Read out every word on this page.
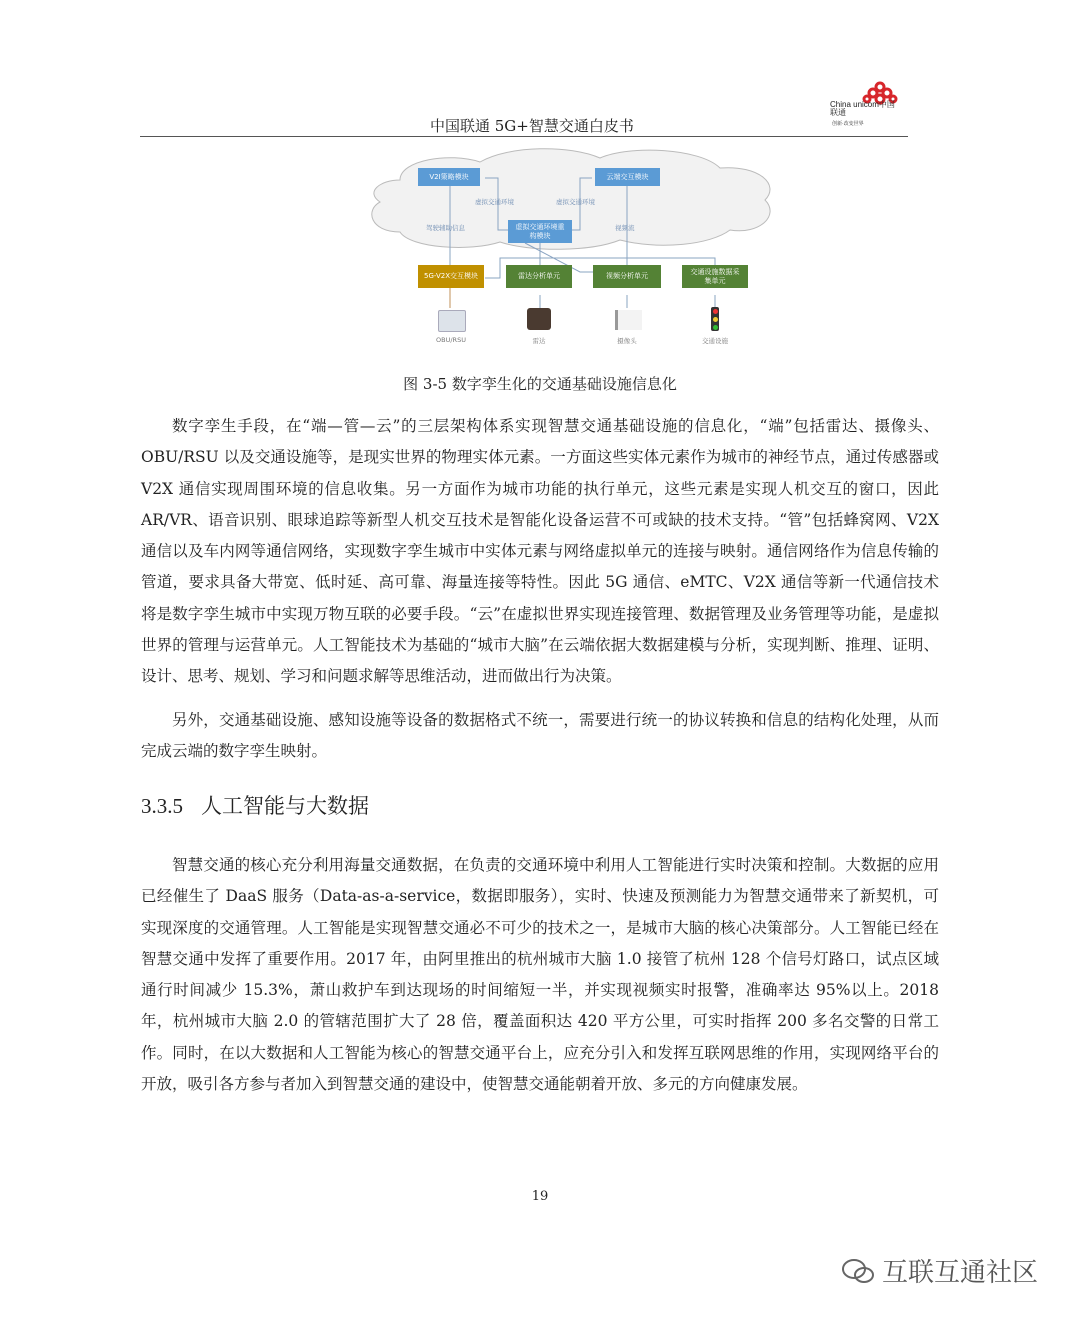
中国联通 5G+智慧交通白皮书
China unicom中国联通
创新·改变世界
V2I策略模块	云端交互模块
虚拟交通环境重构模块
5G-V2X交互模块	雷达分析单元	视频分析单元
交通设施数据采集单元
虚拟交通环境	虚拟交通环境
驾驶辅助信息	视频流
OBU/RSU	雷达	摄像头	交通设施
图 3-5 数字孪生化的交通基础设施信息化
数字孪生手段，在“端—管—云”的三层架构体系实现智慧交通基础设施的信息化，“端”包括雷达、摄像头、OBU/RSU 以及交通设施等，是现实世界的物理实体元素。一方面这些实体元素作为城市的神经节点，通过传感器或 V2X 通信实现周围环境的信息收集。另一方面作为城市功能的执行单元，这些元素是实现人机交互的窗口，因此 AR/VR、语音识别、眼球追踪等新型人机交互技术是智能化设备运营不可或缺的技术支持。“管”包括蜂窝网、V2X 通信以及车内网等通信网络，实现数字孪生城市中实体元素与网络虚拟单元的连接与映射。通信网络作为信息传输的管道，要求具备大带宽、低时延、高可靠、海量连接等特性。因此 5G 通信、eMTC、V2X 通信等新一代通信技术将是数字孪生城市中实现万物互联的必要手段。“云”在虚拟世界实现连接管理、数据管理及业务管理等功能，是虚拟世界的管理与运营单元。人工智能技术为基础的“城市大脑”在云端依据大数据建模与分析，实现判断、推理、证明、设计、思考、规划、学习和问题求解等思维活动，进而做出行为决策。
另外，交通基础设施、感知设施等设备的数据格式不统一，需要进行统一的协议转换和信息的结构化处理，从而完成云端的数字孪生映射。
3.3.5 人工智能与大数据
智慧交通的核心充分利用海量交通数据，在负责的交通环境中利用人工智能进行实时决策和控制。大数据的应用已经催生了 DaaS 服务（Data-as-a-service，数据即服务），实时、快速及预测能力为智慧交通带来了新契机，可实现深度的交通管理。人工智能是实现智慧交通必不可少的技术之一，是城市大脑的核心决策部分。人工智能已经在智慧交通中发挥了重要作用。2017 年，由阿里推出的杭州城市大脑 1.0 接管了杭州 128 个信号灯路口，试点区域通行时间减少 15.3%，萧山救护车到达现场的时间缩短一半，并实现视频实时报警，准确率达 95%以上。2018 年，杭州城市大脑 2.0 的管辖范围扩大了 28 倍，覆盖面积达 420 平方公里，可实时指挥 200 多名交警的日常工作。同时，在以大数据和人工智能为核心的智慧交通平台上，应充分引入和发挥互联网思维的作用，实现网络平台的开放，吸引各方参与者加入到智慧交通的建设中，使智慧交通能朝着开放、多元的方向健康发展。
19
互联互通社区
